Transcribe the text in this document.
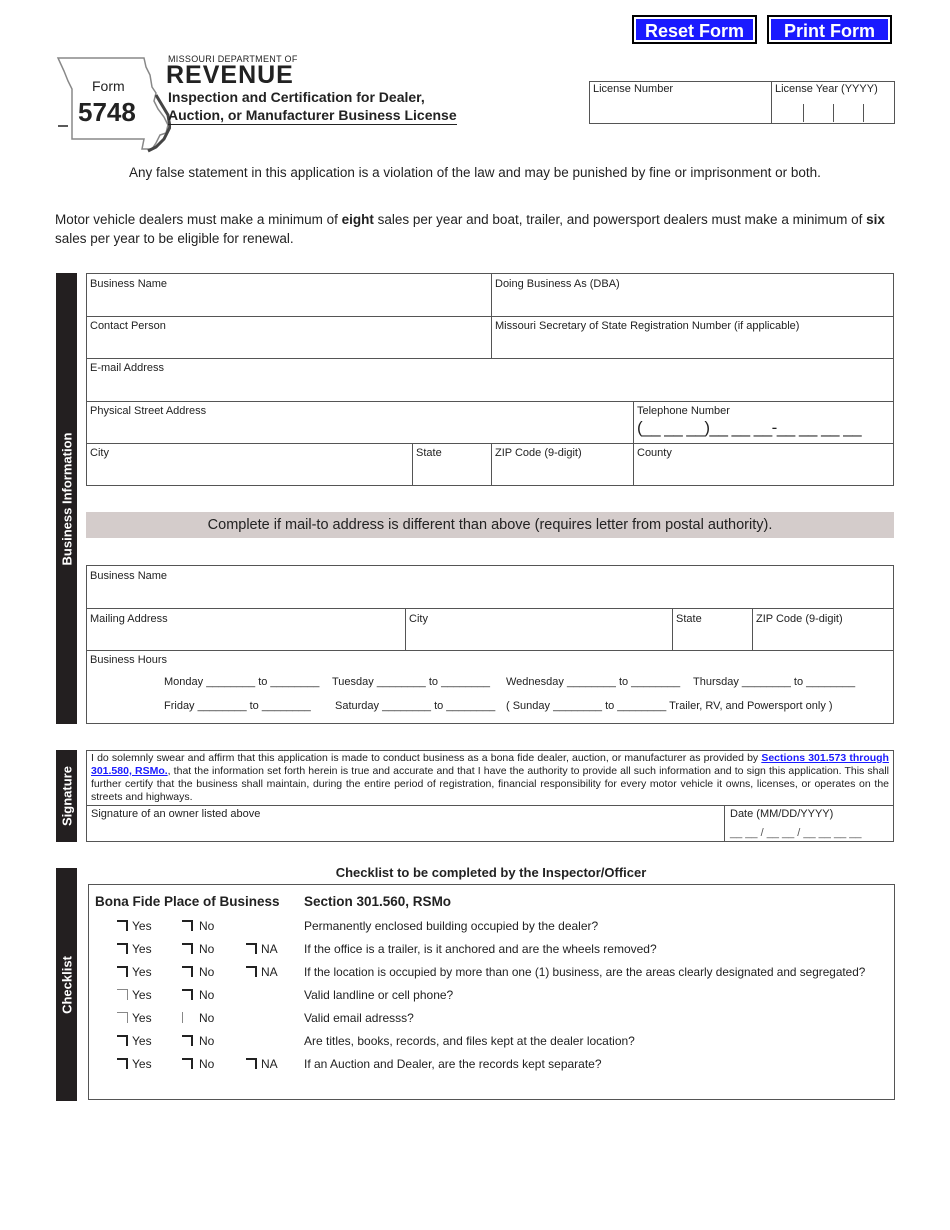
Reset Form	Print Form
Form
5748
MISSOURI DEPARTMENT OF
REVENUE
Inspection and Certification for Dealer,
Auction, or Manufacturer Business License
License Number	License Year (YYYY)
Any false statement in this application is a violation of the law and may be punished by fine or imprisonment or both.
Motor vehicle dealers must make a minimum of eight sales per year and boat, trailer, and powersport dealers must make a minimum of six sales per year to be eligible for renewal.
Business Information
Business Name	Doing Business As (DBA)
Contact Person	Missouri Secretary of State Registration Number (if applicable)
E-mail Address
Physical Street Address	Telephone Number
(__ __ __)__ __ __-__ __ __ __
City	State	ZIP Code (9-digit)	County
Complete if mail-to address is different than above (requires letter from postal authority).
Business Name
Mailing Address	City	State	ZIP Code (9-digit)
Business Hours
Monday ________ to ________ Tuesday ________ to ________ Wednesday ________ to ________ Thursday ________ to ________
Friday ________ to ________ Saturday ________ to ________ ( Sunday ________ to ________ Trailer, RV, and Powersport only )
Signature
I do solemnly swear and affirm that this application is made to conduct business as a bona fide dealer, auction, or manufacturer as provided by Sections 301.573 through 301.580, RSMo., that the information set forth herein is true and accurate and that I have the authority to provide all such information and to sign this application. This shall further certify that the business shall maintain, during the entire period of registration, financial responsibility for every motor vehicle it owns, licenses, or operates on the streets and highways.
Signature of an owner listed above	Date (MM/DD/YYYY)
__ __ / __ __ / __ __ __ __
Checklist
Checklist to be completed by the Inspector/Officer
Bona Fide Place of Business Section 301.560, RSMo
Yes	No	Permanently enclosed building occupied by the dealer?
Yes	No	NA If the office is a trailer, is it anchored and are the wheels removed?
Yes	No	NA If the location is occupied by more than one (1) business, are the areas clearly designated and segregated?
Yes	No	Valid landline or cell phone?
Yes	No	Valid email adresss?
Yes	No	Are titles, books, records, and files kept at the dealer location?
Yes	No	NA If an Auction and Dealer, are the records kept separate?
